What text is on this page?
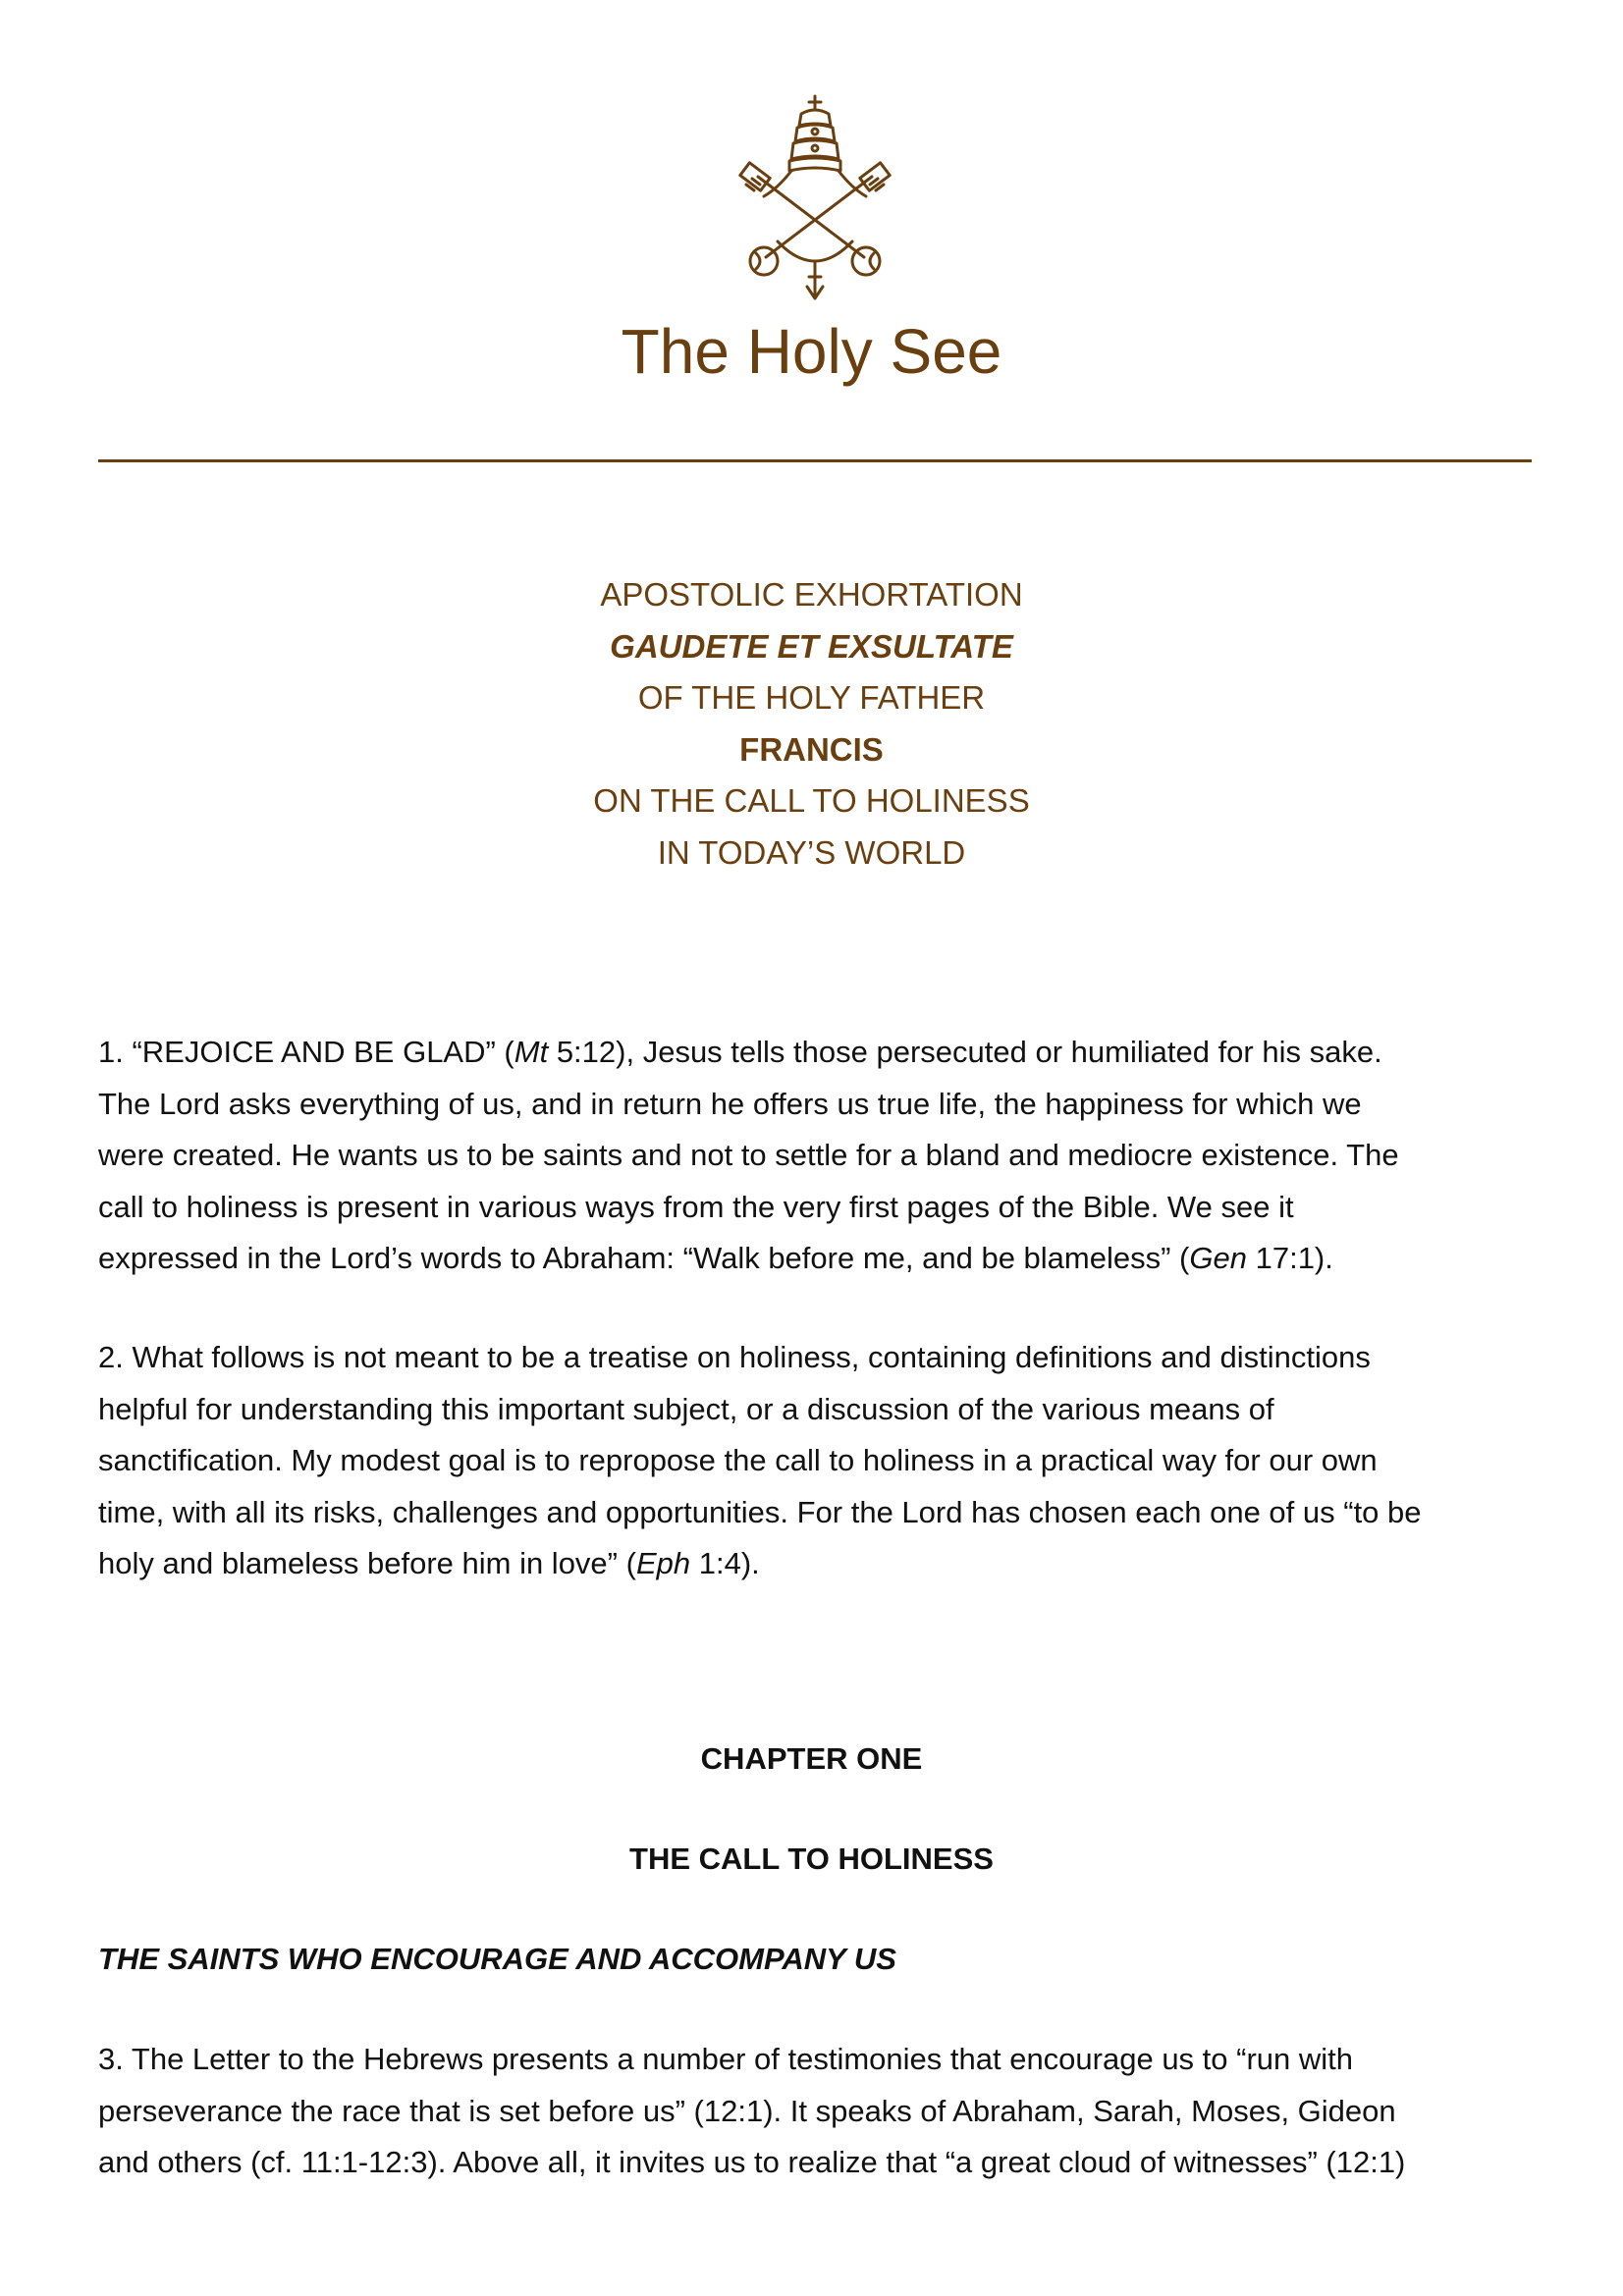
The Holy See
APOSTOLIC EXHORTATION
GAUDETE ET EXSULTATE
OF THE HOLY FATHER
FRANCIS
ON THE CALL TO HOLINESS
IN TODAY’S WORLD

1. “REJOICE AND BE GLAD” (Mt 5:12), Jesus tells those persecuted or humiliated for his sake.
The Lord asks everything of us, and in return he offers us true life, the happiness for which we
were created. He wants us to be saints and not to settle for a bland and mediocre existence. The
call to holiness is present in various ways from the very first pages of the Bible. We see it
expressed in the Lord’s words to Abraham: “Walk before me, and be blameless” (Gen 17:1).

2. What follows is not meant to be a treatise on holiness, containing definitions and distinctions
helpful for understanding this important subject, or a discussion of the various means of
sanctification. My modest goal is to repropose the call to holiness in a practical way for our own
time, with all its risks, challenges and opportunities. For the Lord has chosen each one of us “to be
holy and blameless before him in love” (Eph 1:4).

CHAPTER ONE
THE CALL TO HOLINESS
THE SAINTS WHO ENCOURAGE AND ACCOMPANY US

3. The Letter to the Hebrews presents a number of testimonies that encourage us to “run with
perseverance the race that is set before us” (12:1). It speaks of Abraham, Sarah, Moses, Gideon
and others (cf. 11:1-12:3). Above all, it invites us to realize that “a great cloud of witnesses” (12:1)
